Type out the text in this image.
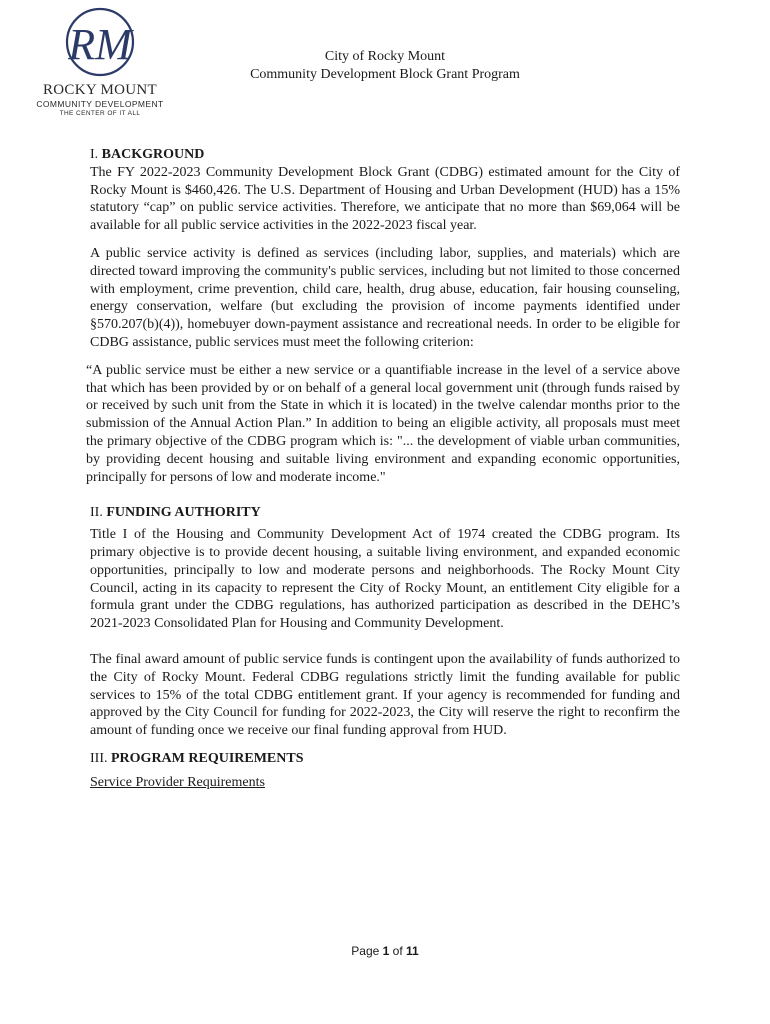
RM
ROCKY MOUNT
COMMUNITY DEVELOPMENT
THE CENTER OF IT ALL
City of Rocky Mount
Community Development Block Grant Program
I. BACKGROUND

The FY 2022-2023 Community Development Block Grant (CDBG) estimated amount for the City of Rocky Mount is $460,426. The U.S. Department of Housing and Urban Development (HUD) has a 15% statutory “cap” on public service activities. Therefore, we anticipate that no more than $69,064 will be available for all public service activities in the 2022-2023 fiscal year.

A public service activity is defined as services (including labor, supplies, and materials) which are directed toward improving the community's public services, including but not limited to those concerned with employment, crime prevention, child care, health, drug abuse, education, fair housing counseling, energy conservation, welfare (but excluding the provision of income payments identified under §570.207(b)(4)), homebuyer down-payment assistance and recreational needs. In order to be eligible for CDBG assistance, public services must meet the following criterion:

“A public service must be either a new service or a quantifiable increase in the level of a service above that which has been provided by or on behalf of a general local government unit (through funds raised by or received by such unit from the State in which it is located) in the twelve calendar months prior to the submission of the Annual Action Plan.” In addition to being an eligible activity, all proposals must meet the primary objective of the CDBG program which is: "... the development of viable urban communities, by providing decent housing and suitable living environment and expanding economic opportunities, principally for persons of low and moderate income."

II. FUNDING AUTHORITY

Title I of the Housing and Community Development Act of 1974 created the CDBG program. Its primary objective is to provide decent housing, a suitable living environment, and expanded economic opportunities, principally to low and moderate persons and neighborhoods. The Rocky Mount City Council, acting in its capacity to represent the City of Rocky Mount, an entitlement City eligible for a formula grant under the CDBG regulations, has authorized participation as described in the DEHC’s 2021-2023 Consolidated Plan for Housing and Community Development.

The final award amount of public service funds is contingent upon the availability of funds authorized to the City of Rocky Mount. Federal CDBG regulations strictly limit the funding available for public services to 15% of the total CDBG entitlement grant. If your agency is recommended for funding and approved by the City Council for funding for 2022-2023, the City will reserve the right to reconfirm the amount of funding once we receive our final funding approval from HUD.

III. PROGRAM REQUIREMENTS
Service Provider Requirements
Page 1 of 11
